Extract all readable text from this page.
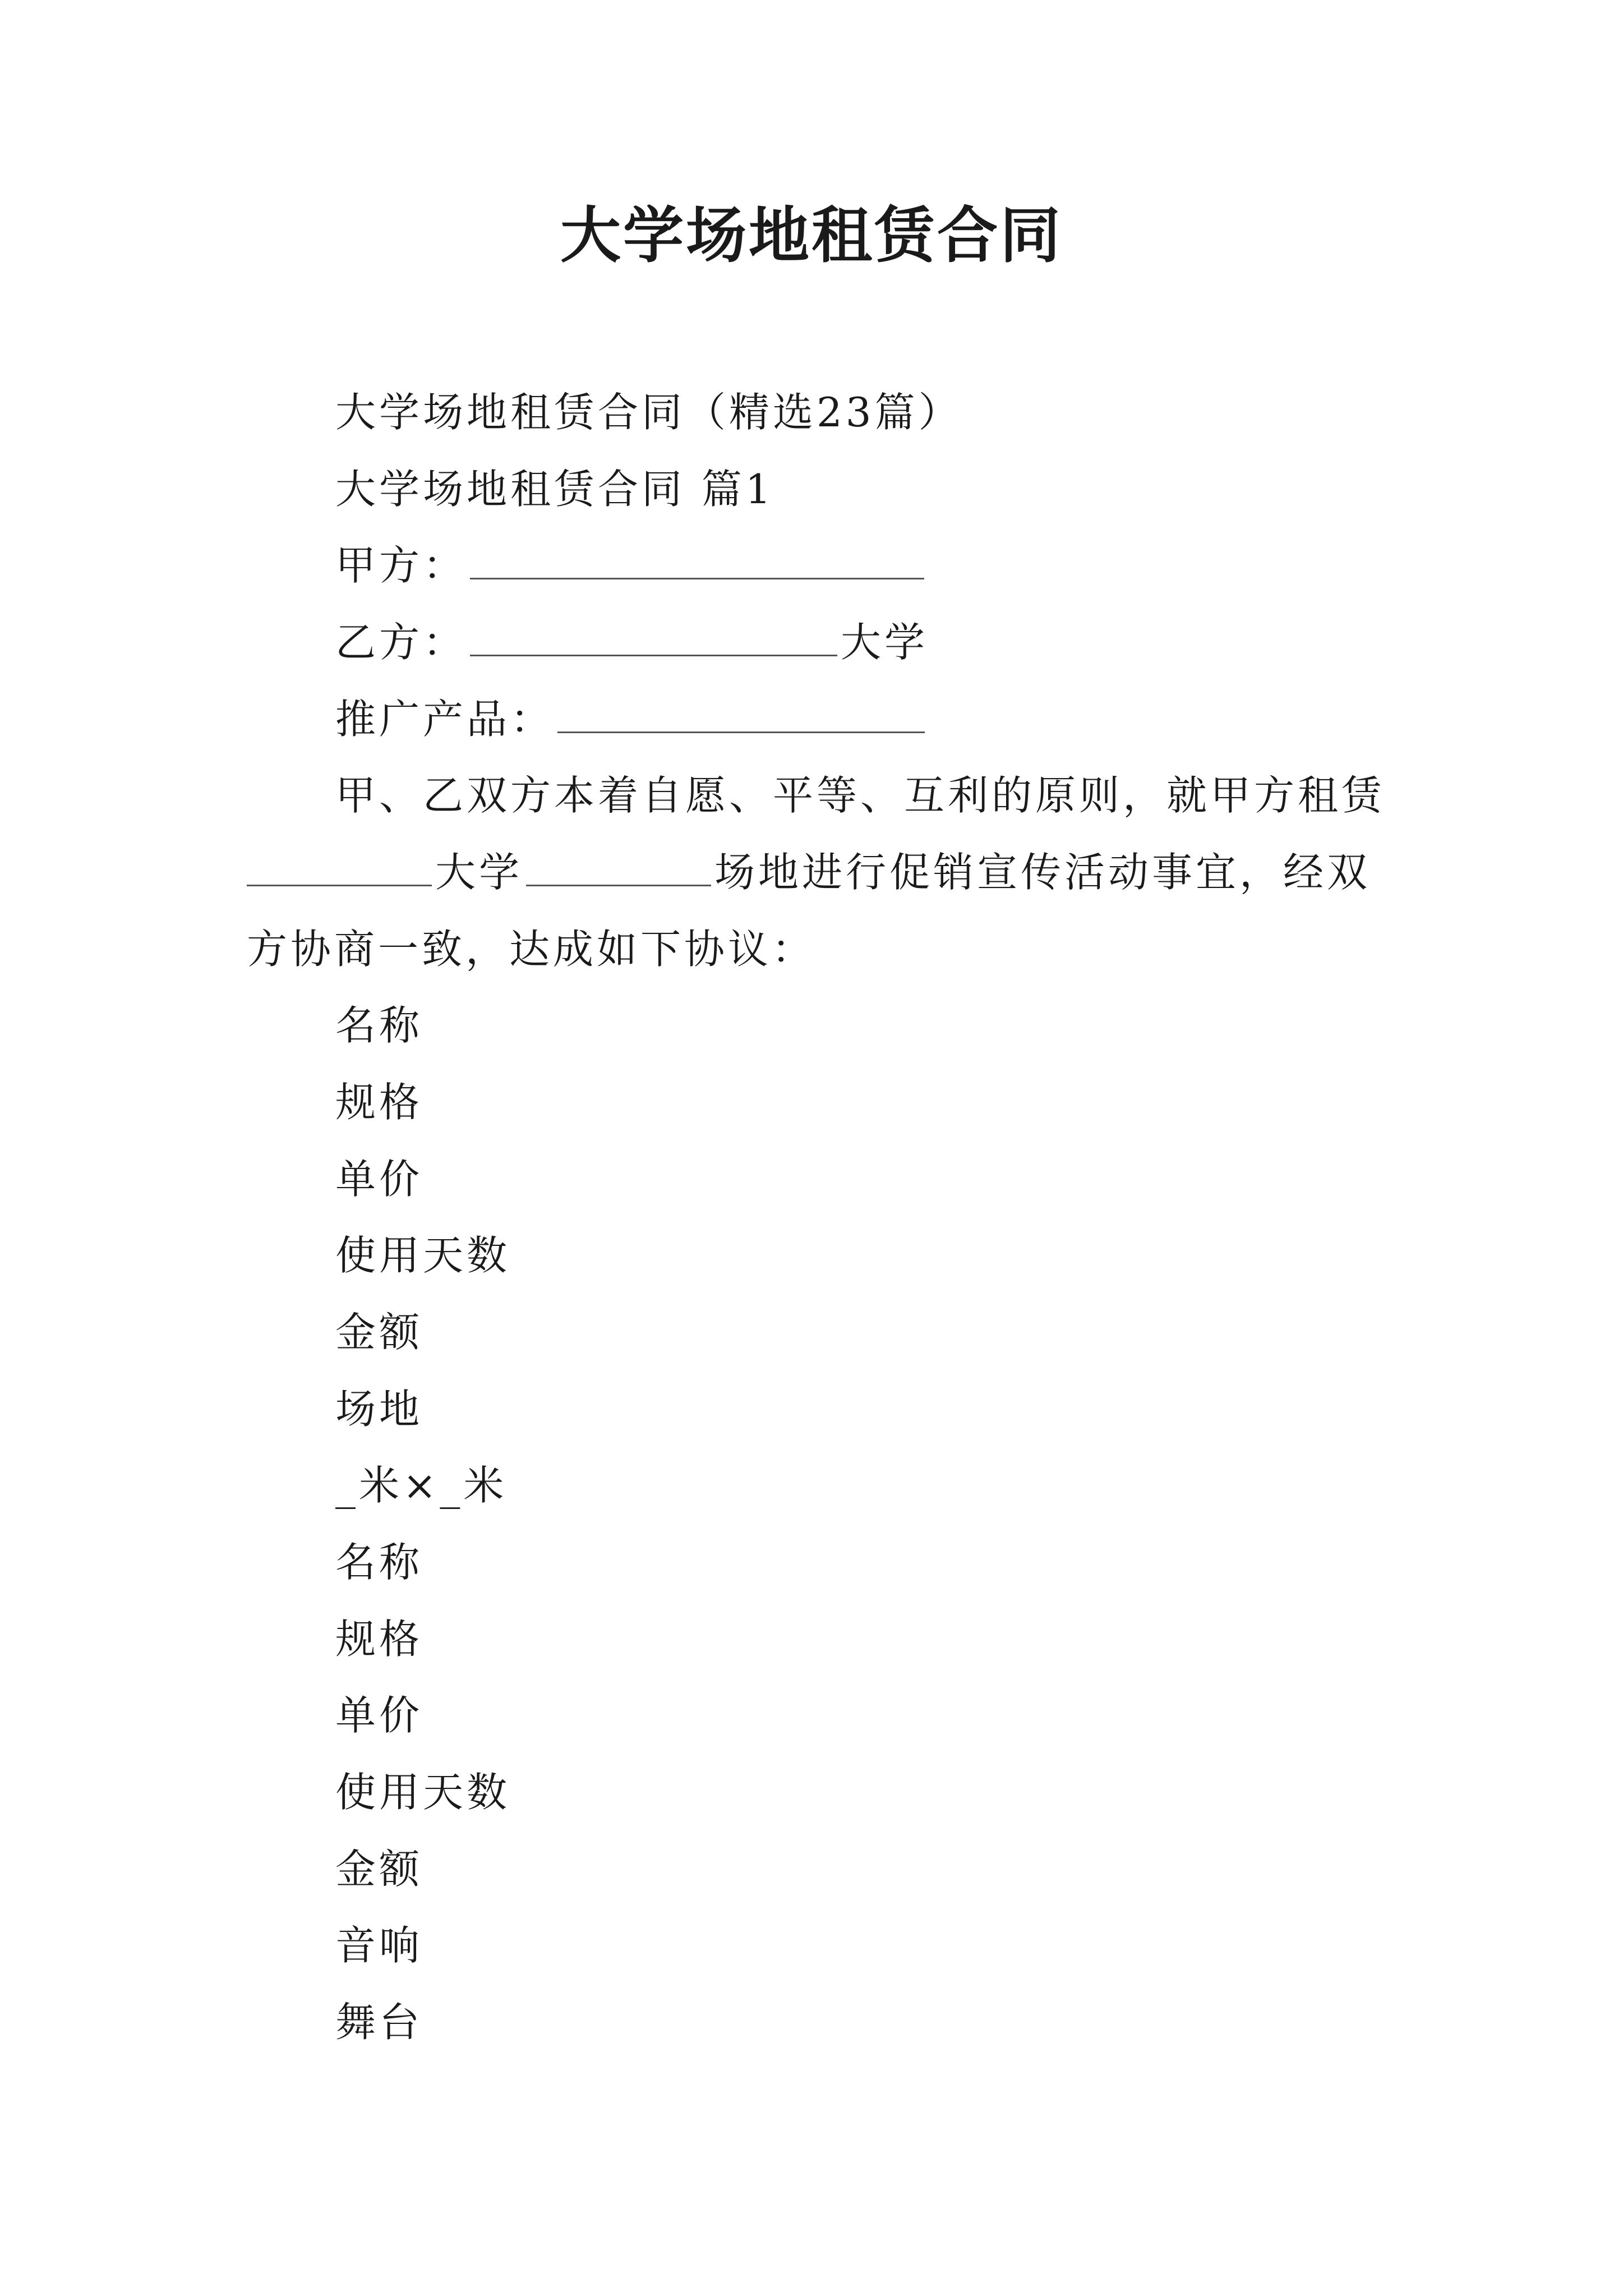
大学场地租赁合同
大学场地租赁合同（精选23篇）
大学场地租赁合同 篇1
甲方：
乙方：	大学
推广产品：
甲、乙双方本着自愿、平等、互利的原则，就甲方租赁
大学	场地进行促销宣传活动事宜，经双
方协商一致，达成如下协议：
名称
规格
单价
使用天数
金额
场地
_米×_米
名称
规格
单价
使用天数
金额
音响
舞台
